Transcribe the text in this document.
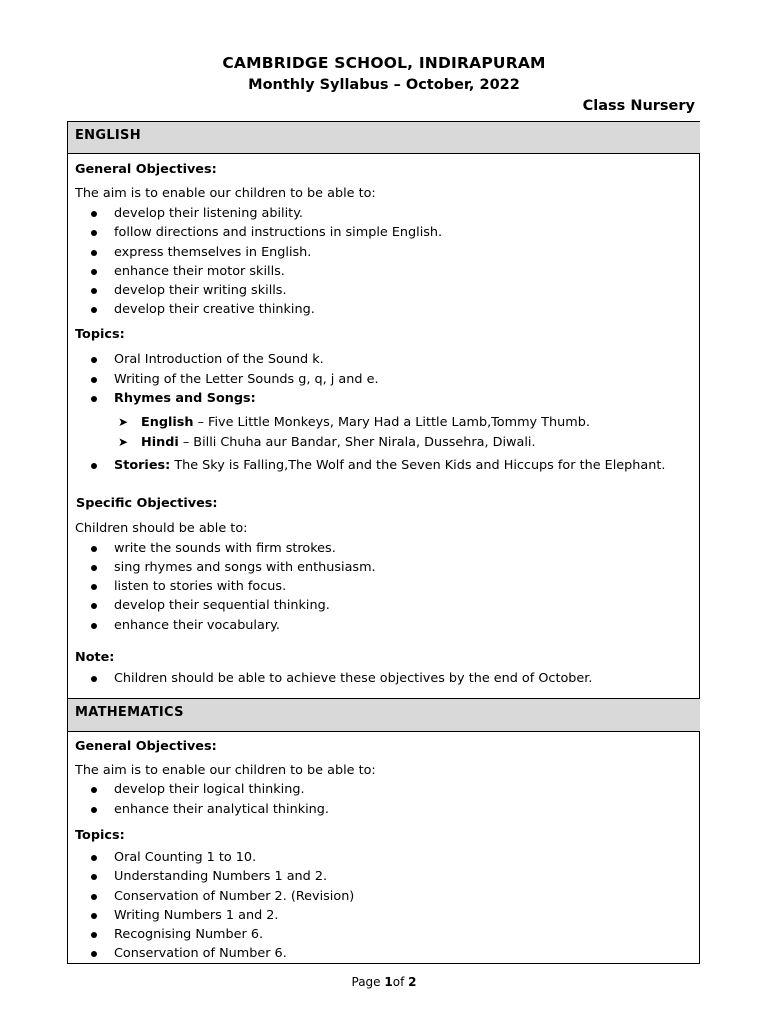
CAMBRIDGE SCHOOL, INDIRAPURAM
Monthly Syllabus – October, 2022
Class Nursery
ENGLISH
General Objectives:
The aim is to enable our children to be able to:
develop their listening ability.
follow directions and instructions in simple English.
express themselves in English.
enhance their motor skills.
develop their writing skills.
develop their creative thinking.
Topics:
Oral Introduction of the Sound k.
Writing of the Letter Sounds g, q, j and e.
Rhymes and Songs:
➤ English – Five Little Monkeys, Mary Had a Little Lamb,Tommy Thumb.
➤ Hindi – Billi Chuha aur Bandar, Sher Nirala, Dussehra, Diwali.
Stories: The Sky is Falling,The Wolf and the Seven Kids and Hiccups for the Elephant.
Specific Objectives:
Children should be able to:
write the sounds with firm strokes.
sing rhymes and songs with enthusiasm.
listen to stories with focus.
develop their sequential thinking.
enhance their vocabulary.
Note:
Children should be able to achieve these objectives by the end of October.
MATHEMATICS
General Objectives:
The aim is to enable our children to be able to:
develop their logical thinking.
enhance their analytical thinking.
Topics:
Oral Counting 1 to 10.
Understanding Numbers 1 and 2.
Conservation of Number 2. (Revision)
Writing Numbers 1 and 2.
Recognising Number 6.
Conservation of Number 6.
Page 1of 2
